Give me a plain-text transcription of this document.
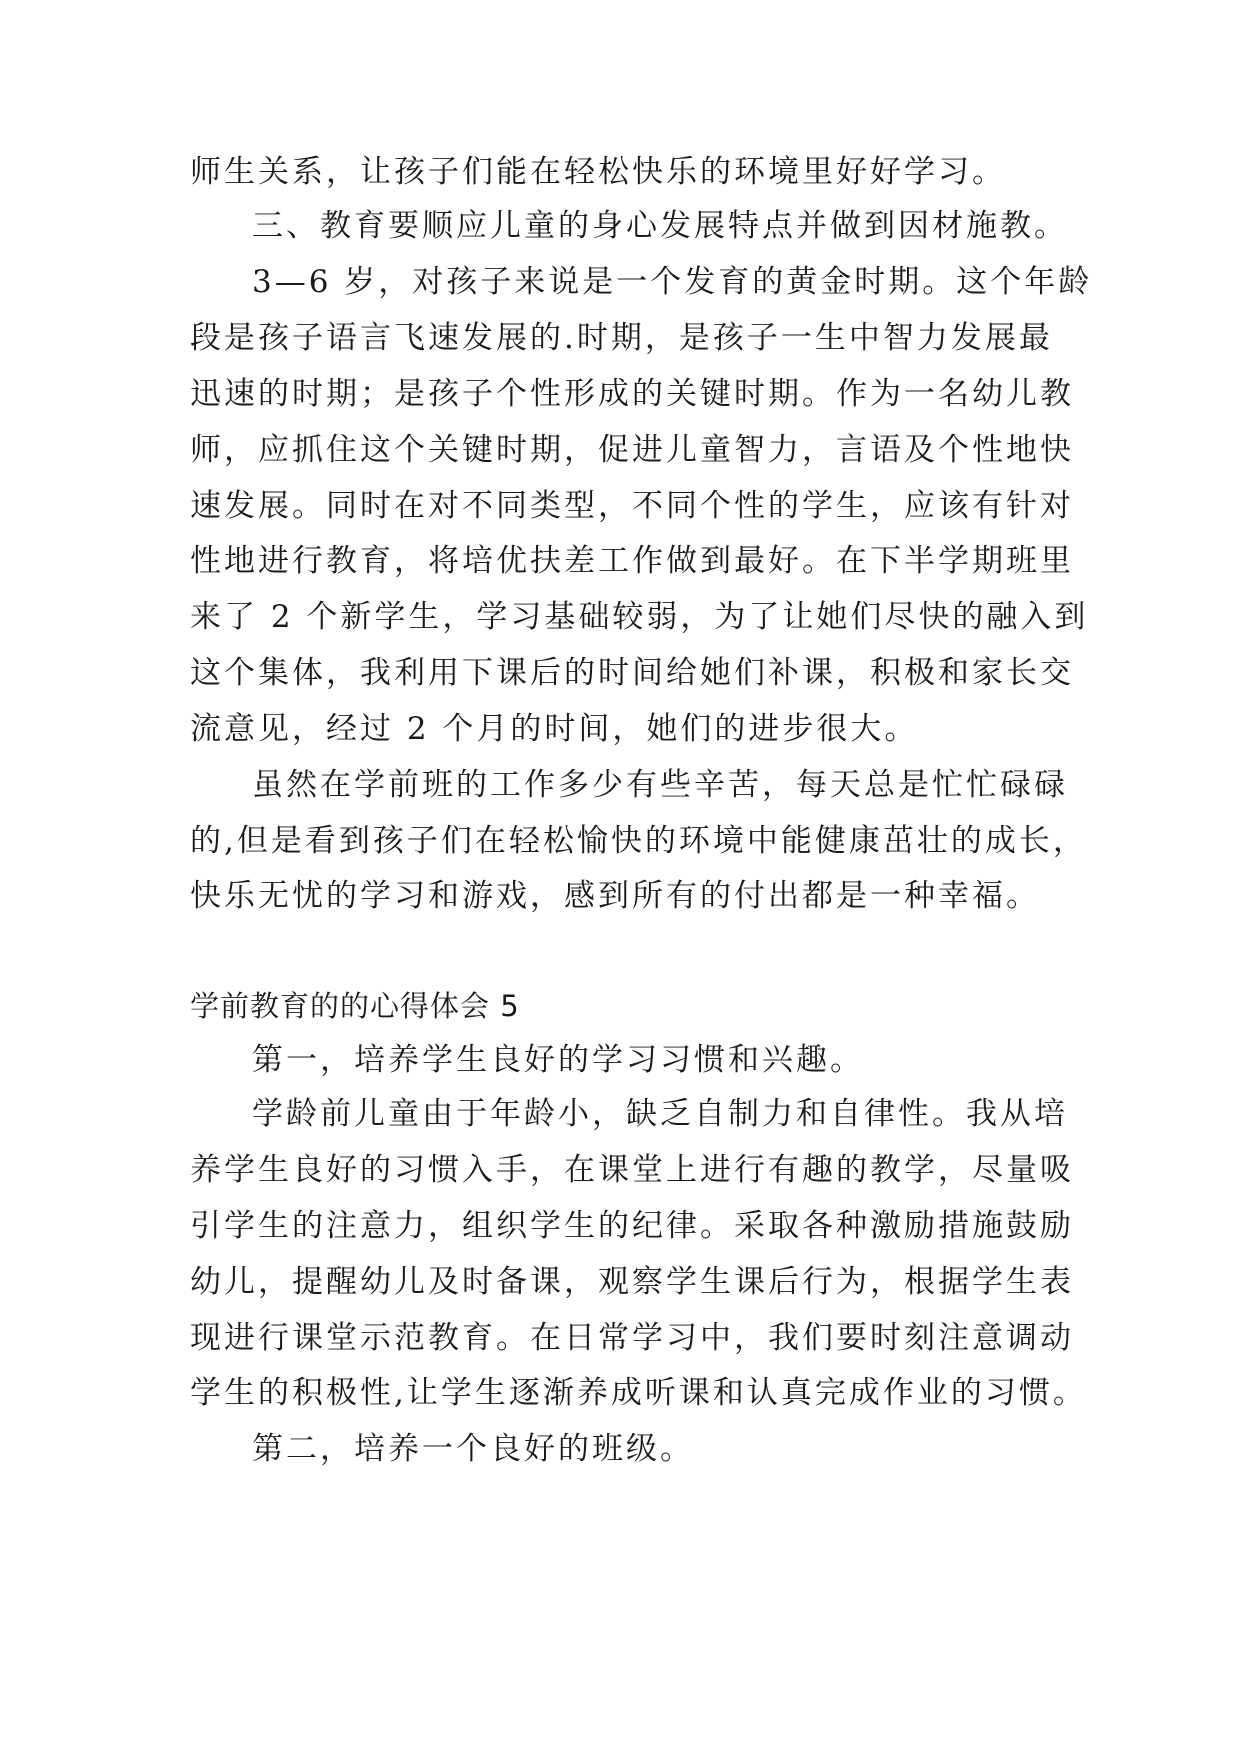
师生关系，让孩子们能在轻松快乐的环境里好好学习。

三、教育要顺应儿童的身心发展特点并做到因材施教。

3—6 岁，对孩子来说是一个发育的黄金时期。这个年龄

段是孩子语言飞速发展的.时期，是孩子一生中智力发展最

迅速的时期；是孩子个性形成的关键时期。作为一名幼儿教

师，应抓住这个关键时期，促进儿童智力，言语及个性地快

速发展。同时在对不同类型，不同个性的学生，应该有针对

性地进行教育，将培优扶差工作做到最好。在下半学期班里

来了 2 个新学生，学习基础较弱，为了让她们尽快的融入到

这个集体，我利用下课后的时间给她们补课，积极和家长交

流意见，经过 2 个月的时间，她们的进步很大。

虽然在学前班的工作多少有些辛苦，每天总是忙忙碌碌

的,但是看到孩子们在轻松愉快的环境中能健康茁壮的成长，

快乐无忧的学习和游戏，感到所有的付出都是一种幸福。

学前教育的的心得体会 5

第一，培养学生良好的学习习惯和兴趣。

学龄前儿童由于年龄小，缺乏自制力和自律性。我从培

养学生良好的习惯入手，在课堂上进行有趣的教学，尽量吸

引学生的注意力，组织学生的纪律。采取各种激励措施鼓励

幼儿，提醒幼儿及时备课，观察学生课后行为，根据学生表

现进行课堂示范教育。在日常学习中，我们要时刻注意调动

学生的积极性,让学生逐渐养成听课和认真完成作业的习惯。

第二，培养一个良好的班级。
